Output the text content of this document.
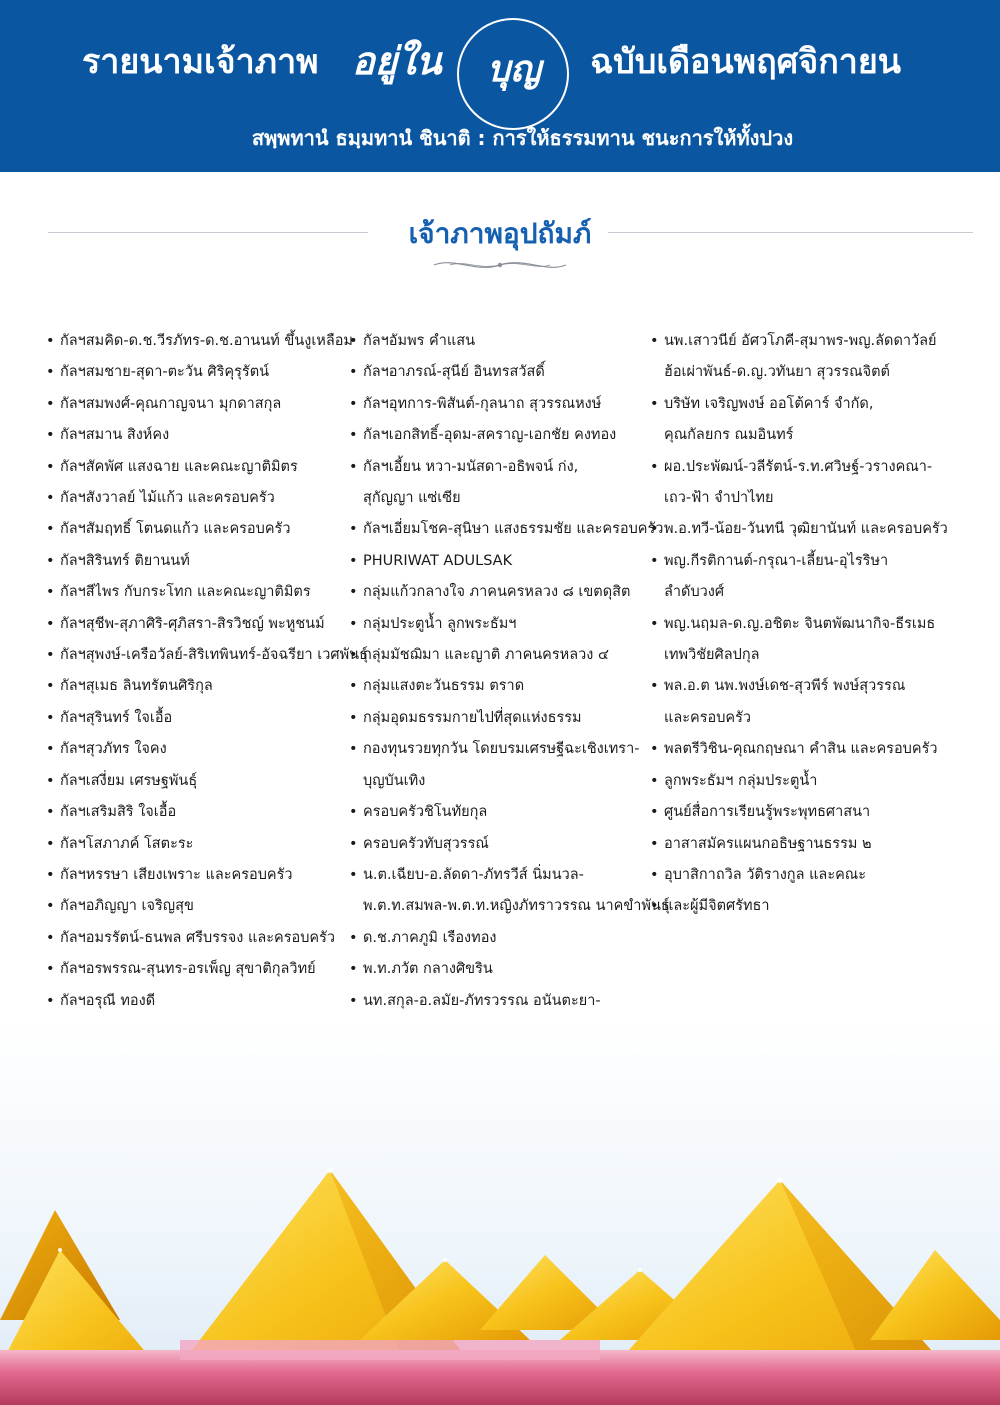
รายนามเจ้าภาพ อยู่ใน	บุญ	ฉบับเดือนพฤศจิกายน
สพฺพทานํ ธมฺมทานํ ชินาติ : การให้ธรรมทาน ชนะการให้ทั้งปวง
เจ้าภาพอุปถัมภ์
• กัลฯสมคิด-ด.ช.วีรภัทร-ด.ช.อานนท์ ขึ้นงูเหลือม
• กัลฯสมชาย-สุดา-ตะวัน ศิริคุรุรัตน์
• กัลฯสมพงศ์-คุณกาญจนา มุกดาสกุล
• กัลฯสมาน สิงห์คง
• กัลฯสัคพัศ แสงฉาย และคณะญาติมิตร
• กัลฯสังวาลย์ ไม้แก้ว และครอบครัว
• กัลฯสัมฤทธิ์ โตนดแก้ว และครอบครัว
• กัลฯสิรินทร์ ติยานนท์
• กัลฯสีไพร กับกระโทก และคณะญาติมิตร
• กัลฯสุชีพ-สุภาศิริ-ศุภิสรา-สิรวิชญ์ พะหูชนม์
• กัลฯสุพงษ์-เครือวัลย์-สิริเทพินทร์-อัจฉรียา เวศพันธุ์
• กัลฯสุเมธ ลินทรัตนศิริกุล
• กัลฯสุรินทร์ ใจเอื้อ
• กัลฯสุวภัทร ใจคง
• กัลฯเสงี่ยม เศรษฐพันธุ์
• กัลฯเสริมสิริ ใจเอื้อ
• กัลฯโสภาภค์ โสตะระ
• กัลฯหรรษา เสียงเพราะ และครอบครัว
• กัลฯอภิญญา เจริญสุข
• กัลฯอมรรัตน์-ธนพล ศรีบรรจง และครอบครัว
• กัลฯอรพรรณ-สุนทร-อรเพ็ญ สุขาติกุลวิทย์
• กัลฯอรุณี ทองดี
•
• กัลฯอัมพร คำแสน
• กัลฯอาภรณ์-สุนีย์ อินทรสวัสดิ์
• กัลฯอุทการ-พิสันต์-กุลนาถ สุวรรณหงษ์
• กัลฯเอกสิทธิ์-อุดม-สคราญ-เอกชัย คงทอง
• กัลฯเอี้ยน หวา-มนัสดา-อธิพจน์ ก่ง,
สุกัญญา แซ่เซีย
• กัลฯเอี่ยมโชค-สุนิษา แสงธรรมชัย และครอบครัว
• PHURIWAT ADULSAK
• กลุ่มแก้วกลางใจ ภาคนครหลวง ๘ เขตดุสิต
• กลุ่มประตูน้ำ ลูกพระธัมฯ
• กลุ่มมัชฌิมา และญาติ ภาคนครหลวง ๔
• กลุ่มแสงตะวันธรรม ตราด
• กลุ่มอุดมธรรมกายไปที่สุดแห่งธรรม
• กองทุนรวยทุกวัน โดยบรมเศรษฐีฉะเชิงเทรา-
บุญบันเทิง
• ครอบครัวชิโนทัยกุล
• ครอบครัวทับสุวรรณ์
• น.ต.เฉียบ-อ.ลัดดา-ภัทรวีส์ นิ่มนวล-
พ.ต.ท.สมพล-พ.ต.ท.หญิงภัทราวรรณ นาคขำพันธุ์
• ด.ช.ภาคภูมิ เรืองทอง
• พ.ท.ภวัต กลางศิขริน
• นท.สกุล-อ.ลมัย-ภัทรวรรณ อนันตะยา-
• นพ.เสาวนีย์ อัศวโภคี-สุมาพร-พญ.ลัดดาวัลย์
ฮ้อเผ่าพันธ์-ด.ญ.วทันยา สุวรรณจิตต์
• บริษัท เจริญพงษ์ ออโต้คาร์ จำกัด,
คุณกัลยกร ณมอินทร์
• ผอ.ประพัฒน์-วลีรัตน์-ร.ท.ศวิษฐ์-วรางคณา-
เถว-ฟ้า จำปาไทย
• พ.อ.ทวี-น้อย-วันทนี วุฒิยานันท์ และครอบครัว
• พญ.กีรติกานต์-กรุณา-เลี้ยน-อุไรริษา
ลำดับวงศ์
• พญ.นฤมล-ด.ญ.อชิตะ จินตพัฒนากิจ-ธีรเมธ
เทพวิชัยศิลปกุล
• พล.อ.ต นพ.พงษ์เดช-สุวพีร์ พงษ์สุวรรณ
และครอบครัว
• พลตรีวิชิน-คุณกฤษณา คำสิน และครอบครัว
• ลูกพระธัมฯ กลุ่มประตูน้ำ
• ศูนย์สื่อการเรียนรู้พระพุทธศาสนา
• อาสาสมัครแผนกอธิษฐานธรรม ๒
• อุบาสิกาถวิล วัติรางกูล และคณะ
• และผู้มีจิตศรัทธา
